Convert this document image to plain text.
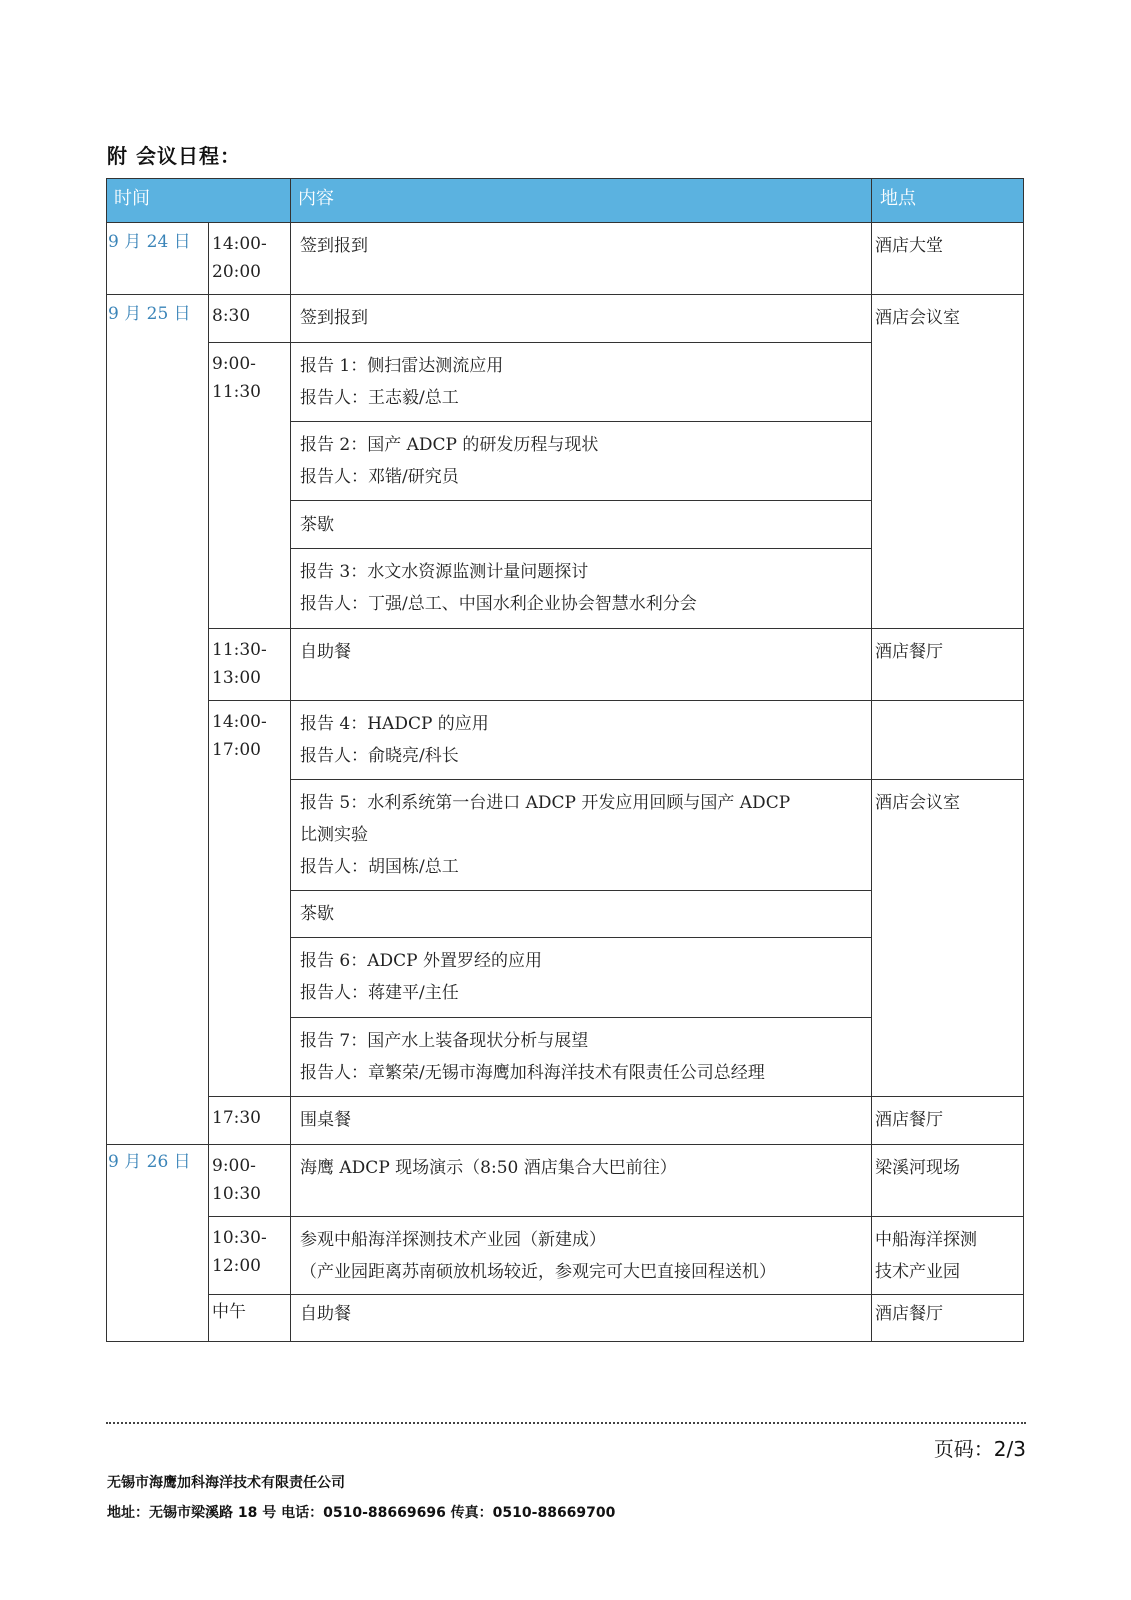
附 会议日程：
时间	内容	地点
9 月 24 日
9 月 25 日
9 月 26 日
14:00-
20:00
8:30
9:00-
11:30
11:30-
13:00
14:00-
17:00
17:30
9:00-
10:30
10:30-
12:00
中午
签到报到
签到报到
报告 1：侧扫雷达测流应用
报告人：王志毅/总工
报告 2：国产 ADCP 的研发历程与现状
报告人：邓锴/研究员
茶歇
报告 3：水文水资源监测计量问题探讨
报告人：丁强/总工、中国水利企业协会智慧水利分会
自助餐
报告 4：HADCP 的应用
报告人：俞晓亮/科长
报告 5：水利系统第一台进口 ADCP 开发应用回顾与国产 ADCP
比测实验
报告人：胡国栋/总工
茶歇
报告 6：ADCP 外置罗经的应用
报告人：蒋建平/主任
报告 7：国产水上装备现状分析与展望
报告人：章繁荣/无锡市海鹰加科海洋技术有限责任公司总经理
围桌餐
海鹰 ADCP 现场演示（8:50 酒店集合大巴前往）
参观中船海洋探测技术产业园（新建成）
（产业园距离苏南硕放机场较近，参观完可大巴直接回程送机）
自助餐
酒店大堂
酒店会议室
酒店餐厅
酒店会议室
酒店餐厅
梁溪河现场
中船海洋探测
技术产业园
酒店餐厅
页码：2/3
无锡市海鹰加科海洋技术有限责任公司
地址：无锡市梁溪路 18 号 电话：0510-88669696 传真：0510-88669700
